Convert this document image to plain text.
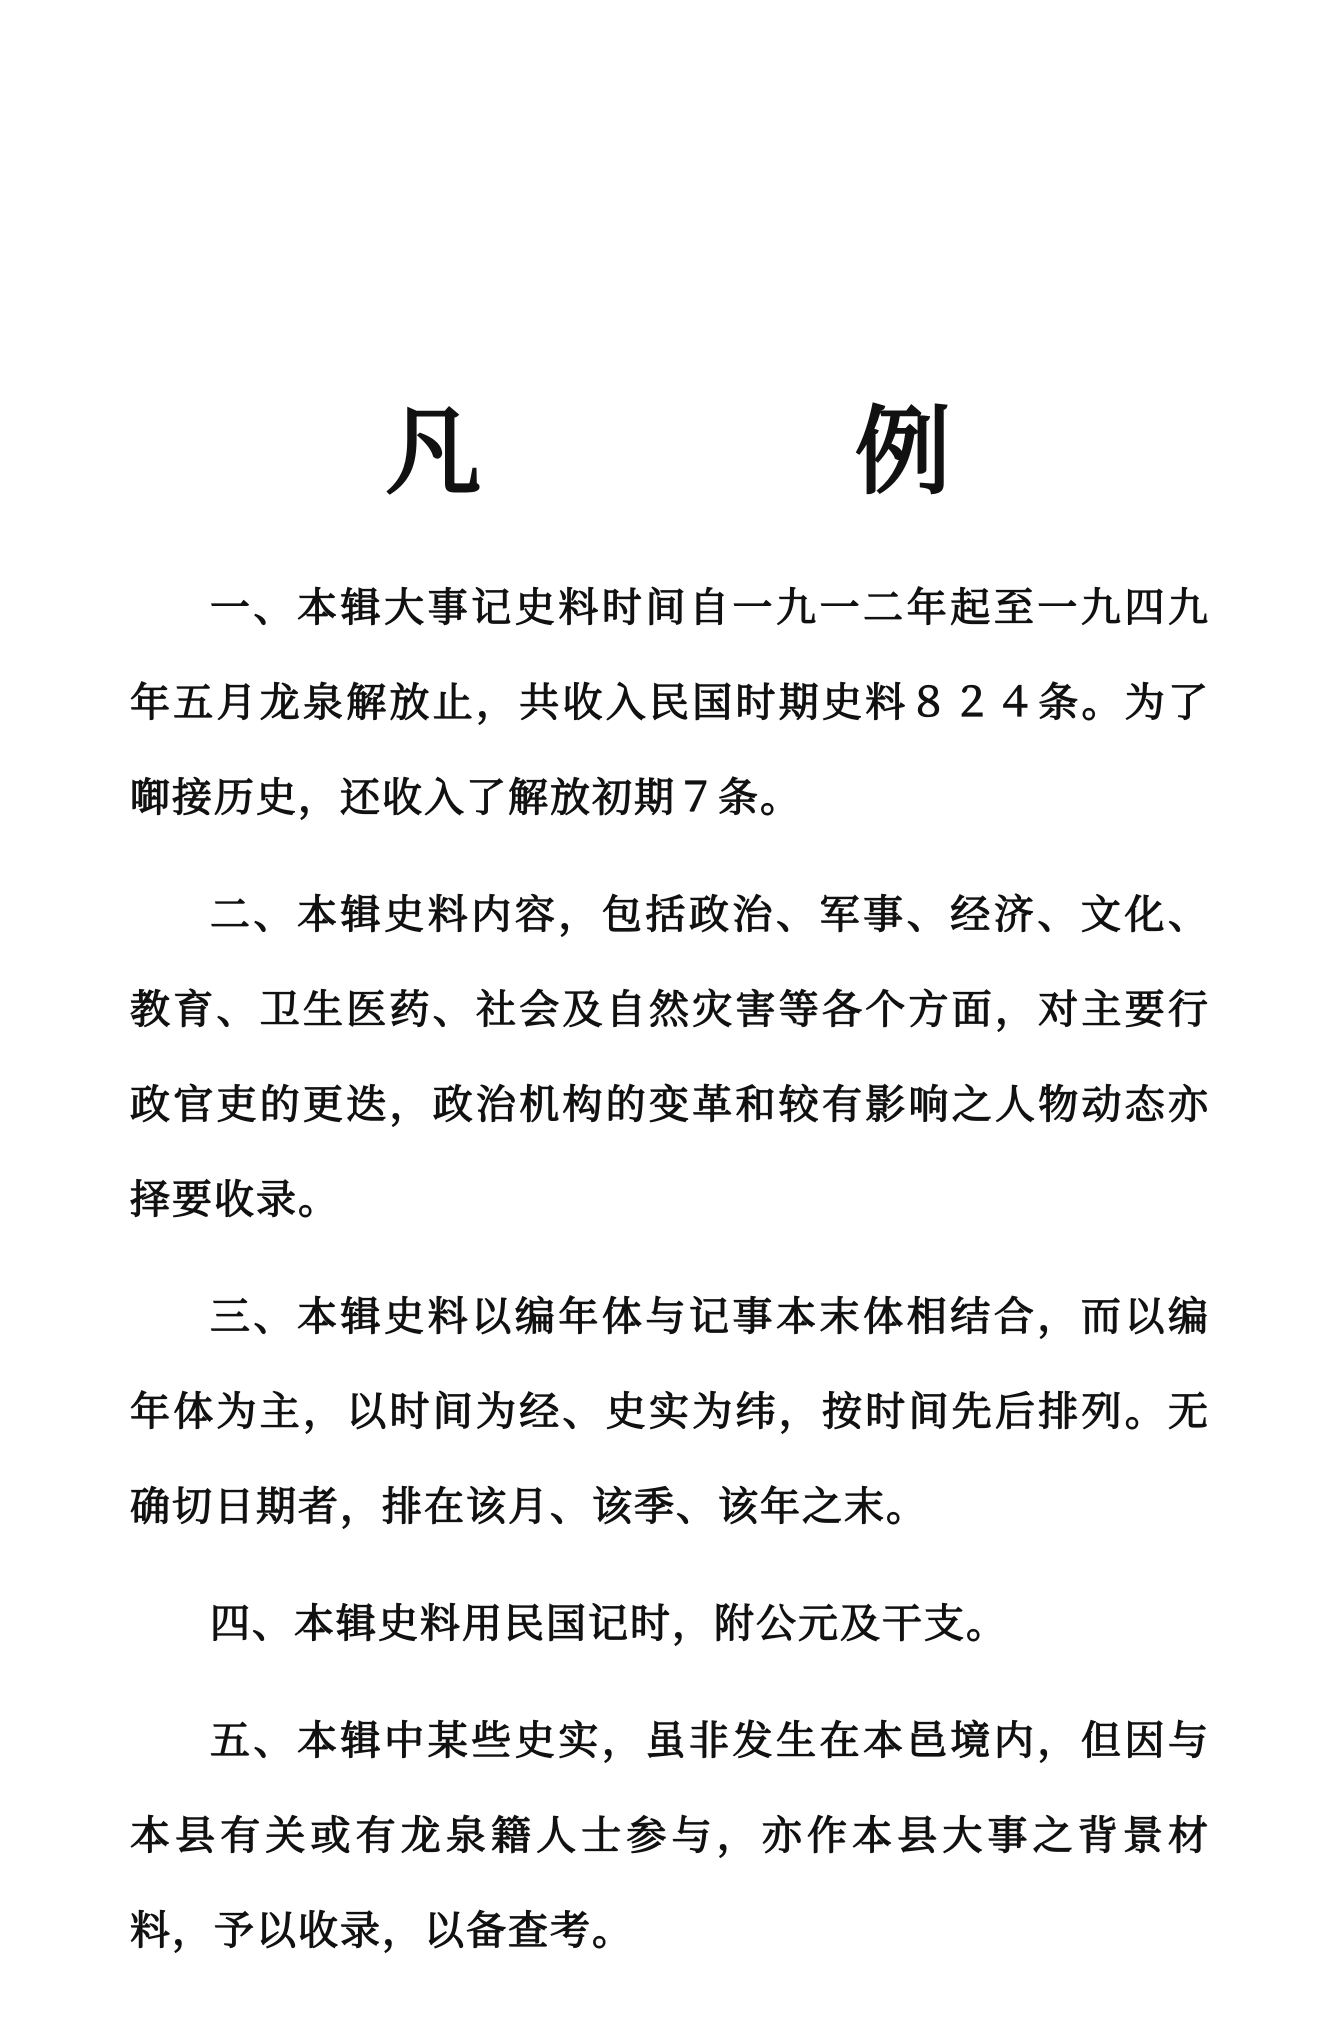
凡 例

一、本辑大事记史料时间自一九一二年起至一九四九年五月龙泉解放止，共收入民国时期史料８２４条。为了啣接历史，还收入了解放初期７条。

二、本辑史料内容，包括政治、军事、经济、文化、教育、卫生医药、社会及自然灾害等各个方面，对主要行政官吏的更迭，政治机构的变革和较有影响之人物动态亦择要收录。

三、本辑史料以编年体与记事本末体相结合，而以编年体为主，以时间为经、史实为纬，按时间先后排列。无确切日期者，排在该月、该季、该年之末。

四、本辑史料用民国记时，附公元及干支。

五、本辑中某些史实，虽非发生在本邑境内，但因与本县有关或有龙泉籍人士参与，亦作本县大事之背景材料，予以收录，以备查考。
